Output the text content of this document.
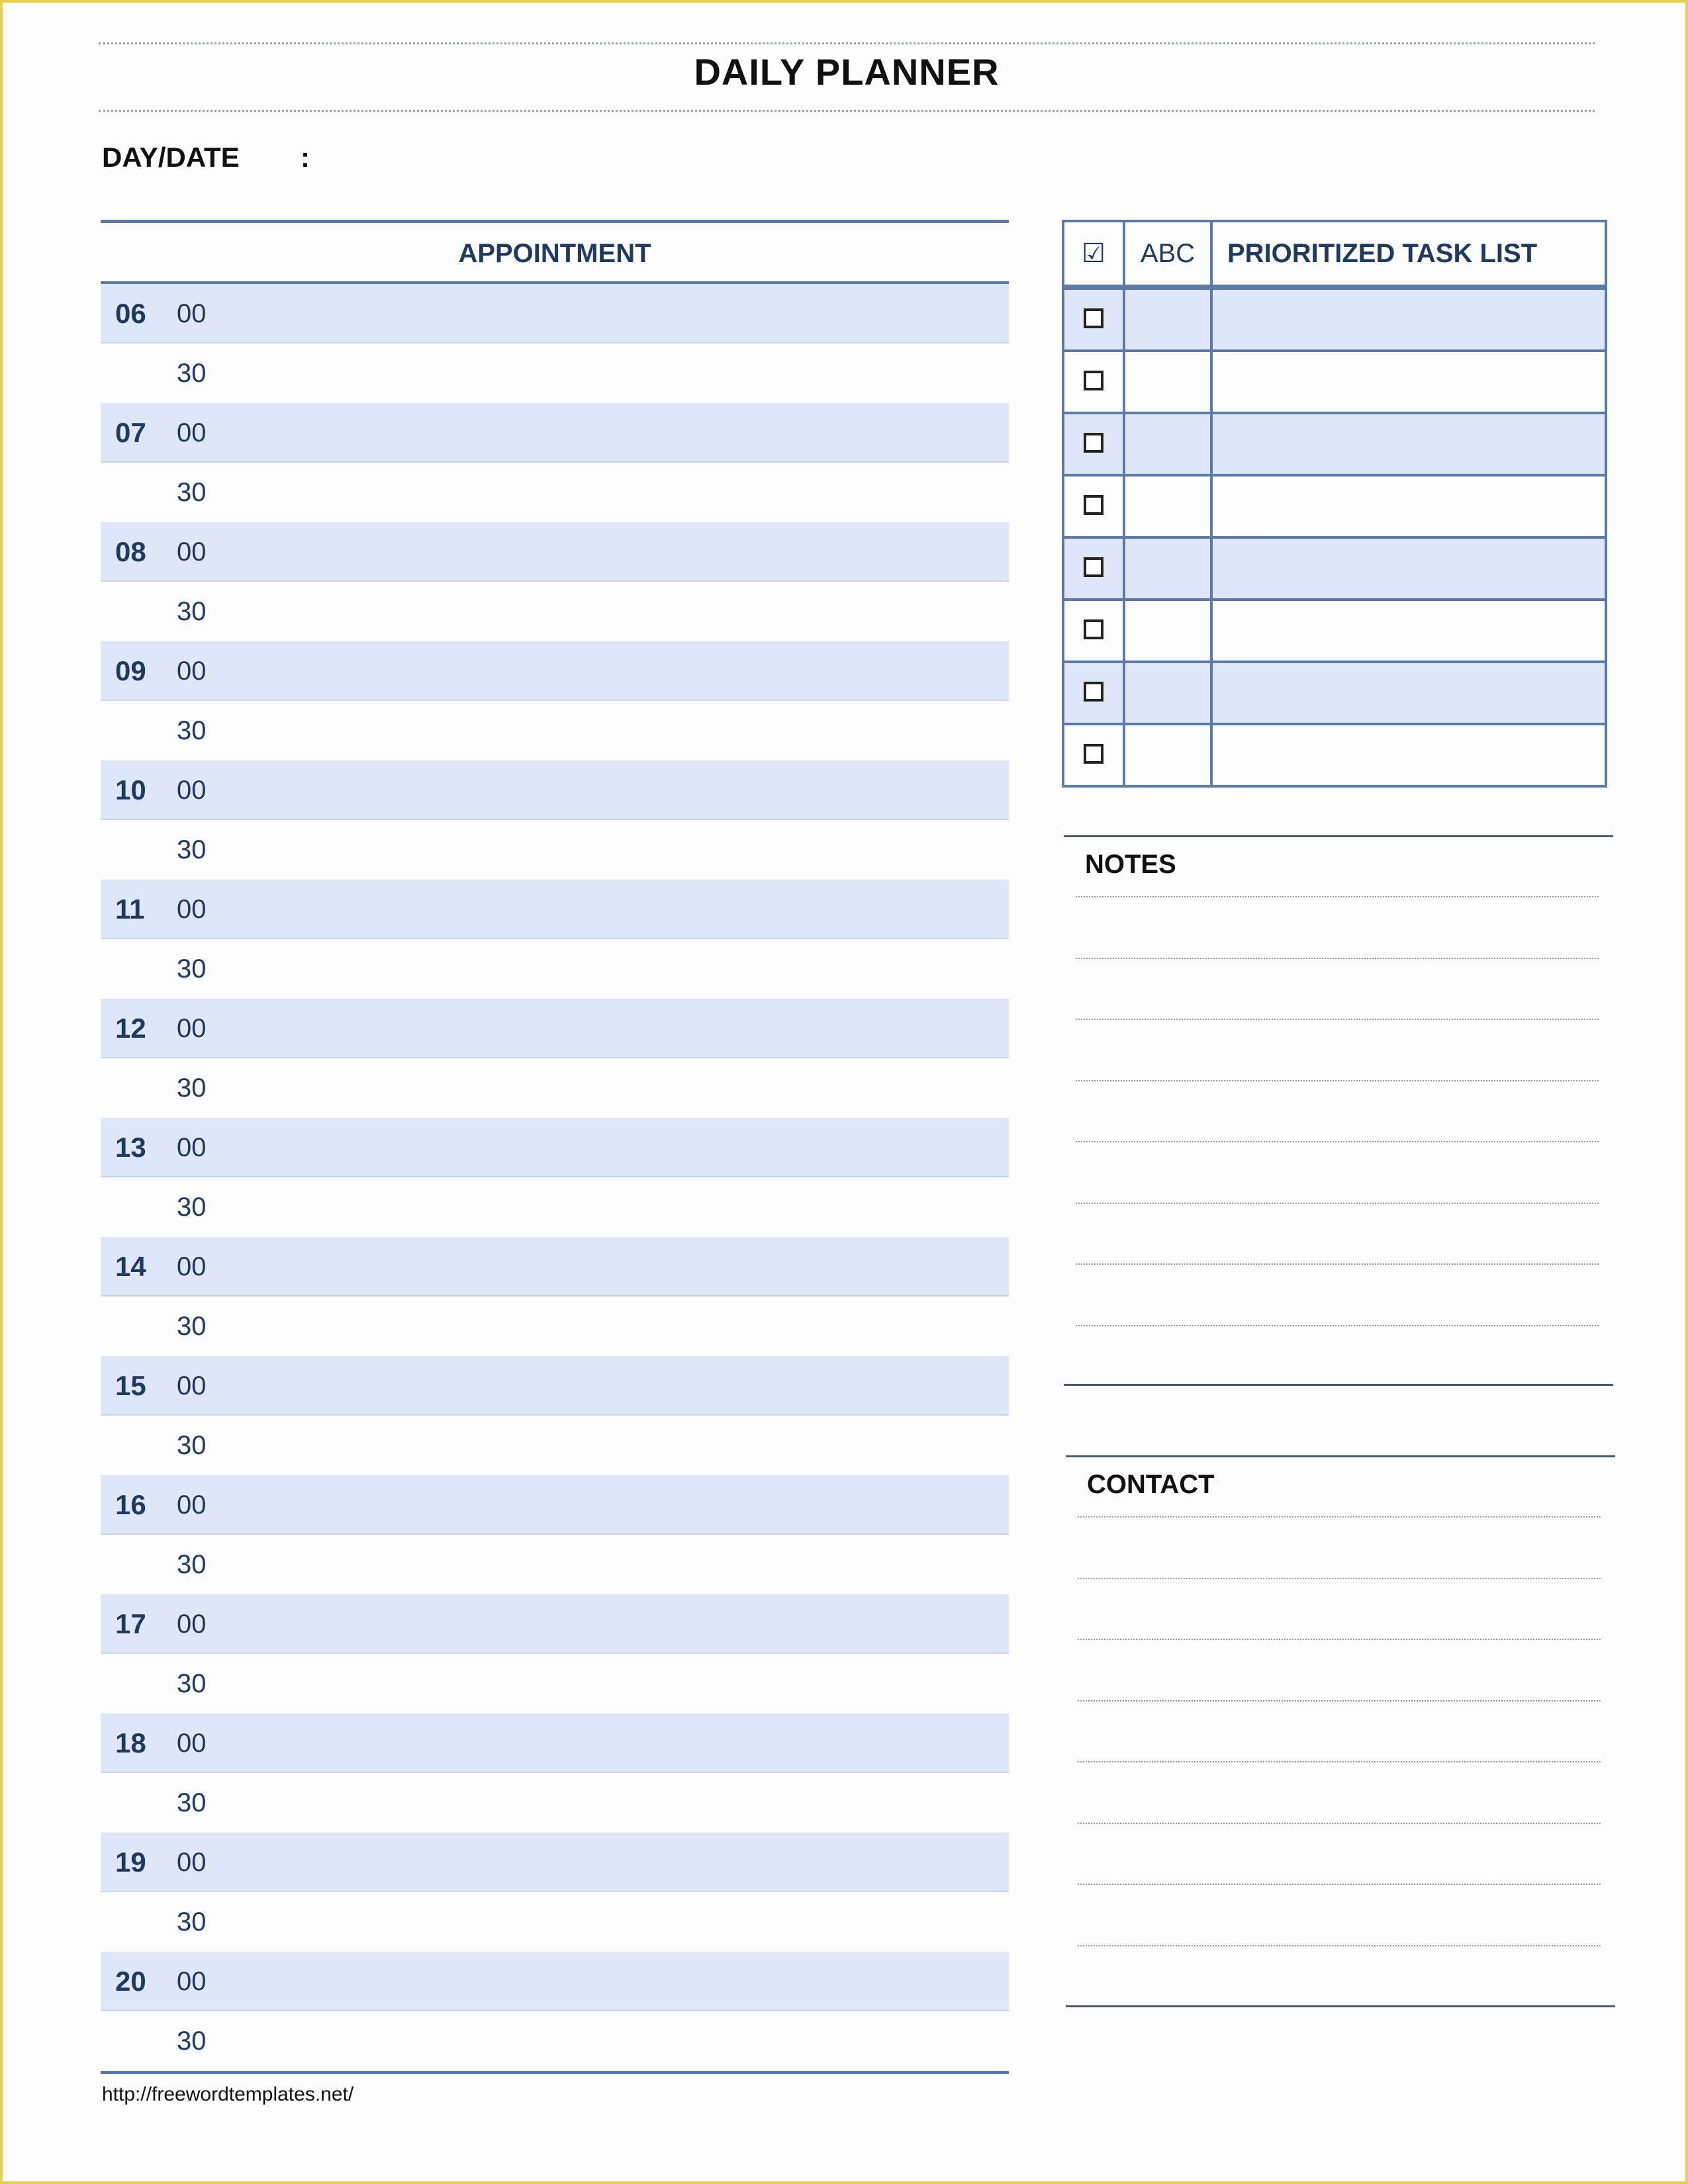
DAILY PLANNER
DAY/DATE :
APPOINTMENT
06 00
30
07 00
30
08 00
30
09 00
30
10 00
30
11 00
30
12 00
30
13 00
30
14 00
30
15 00
30
16 00
30
17 00
30
18 00
30
19 00
30
20 00
30
http://freewordtemplates.net/
☑	ABC	PRIORITIZED TASK LIST

NOTES
CONTACT
